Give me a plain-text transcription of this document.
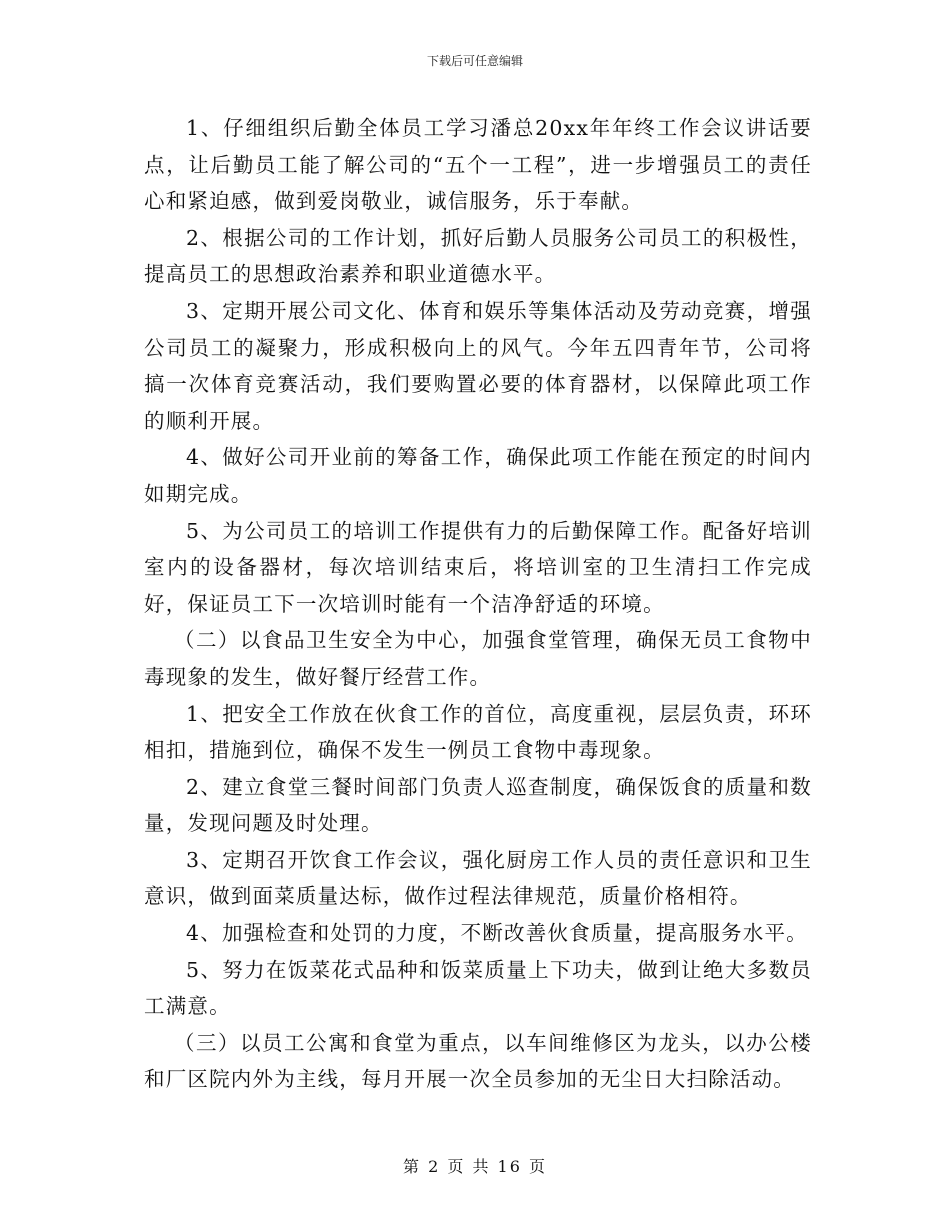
下载后可任意编辑

1、仔细组织后勤全体员工学习潘总20xx年年终工作会议讲话要点，让后勤员工能了解公司的“五个一工程”，进一步增强员工的责任心和紧迫感，做到爱岗敬业，诚信服务，乐于奉献。

2、根据公司的工作计划，抓好后勤人员服务公司员工的积极性，提高员工的思想政治素养和职业道德水平。

3、定期开展公司文化、体育和娱乐等集体活动及劳动竞赛，增强公司员工的凝聚力，形成积极向上的风气。今年五四青年节，公司将搞一次体育竞赛活动，我们要购置必要的体育器材，以保障此项工作的顺利开展。

4、做好公司开业前的筹备工作，确保此项工作能在预定的时间内如期完成。

5、为公司员工的培训工作提供有力的后勤保障工作。配备好培训室内的设备器材，每次培训结束后，将培训室的卫生清扫工作完成好，保证员工下一次培训时能有一个洁净舒适的环境。

（二）以食品卫生安全为中心，加强食堂管理，确保无员工食物中毒现象的发生，做好餐厅经营工作。

1、把安全工作放在伙食工作的首位，高度重视，层层负责，环环相扣，措施到位，确保不发生一例员工食物中毒现象。

2、建立食堂三餐时间部门负责人巡查制度，确保饭食的质量和数量，发现问题及时处理。

3、定期召开饮食工作会议，强化厨房工作人员的责任意识和卫生意识，做到面菜质量达标，做作过程法律规范，质量价格相符。

4、加强检查和处罚的力度，不断改善伙食质量，提高服务水平。

5、努力在饭菜花式品种和饭菜质量上下功夫，做到让绝大多数员工满意。

（三）以员工公寓和食堂为重点，以车间维修区为龙头，以办公楼和厂区院内外为主线，每月开展一次全员参加的无尘日大扫除活动。

第 2 页 共 16 页
